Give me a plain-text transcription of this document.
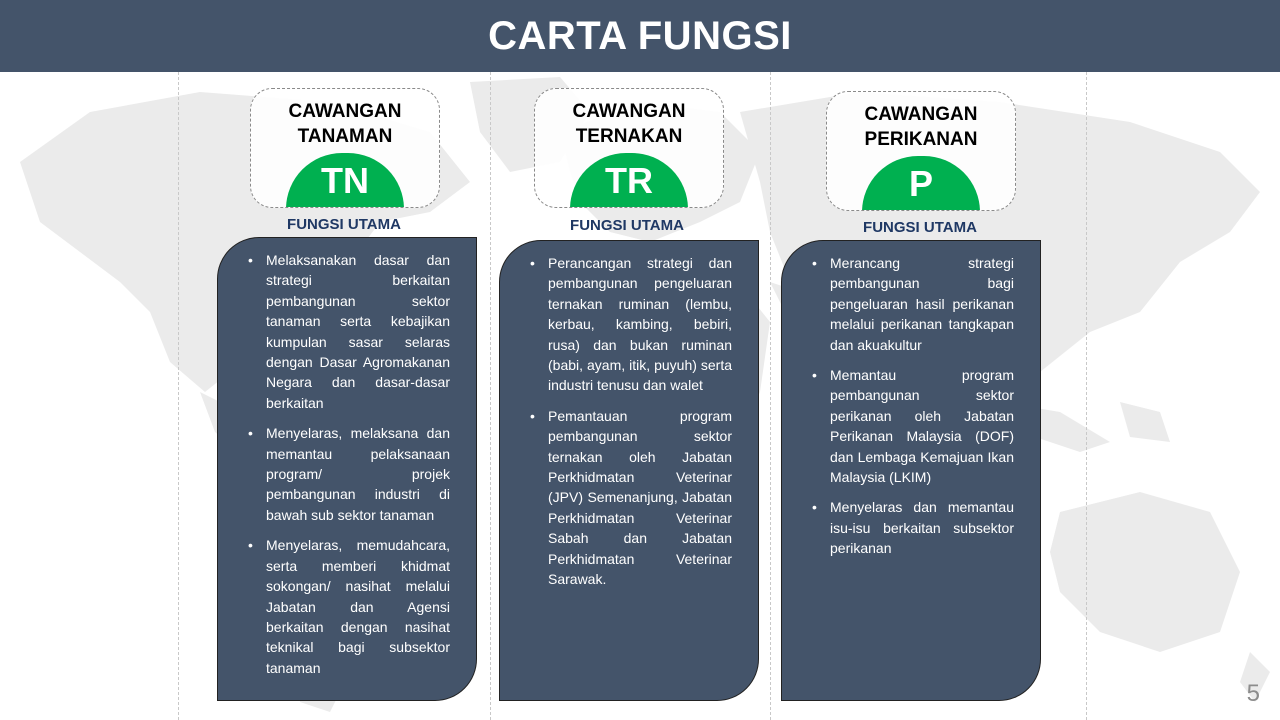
CARTA FUNGSI
CAWANGAN
TANAMAN
TN
FUNGSI UTAMA
• Melaksanakan dasar dan strategi berkaitan pembangunan sektor tanaman serta kebajikan kumpulan sasar selaras dengan Dasar Agromakanan Negara dan dasar-dasar berkaitan
• Menyelaras, melaksana dan memantau pelaksanaan program/ projek pembangunan industri di bawah sub sektor tanaman
• Menyelaras, memudahcara, serta memberi khidmat sokongan/ nasihat melalui Jabatan dan Agensi berkaitan dengan nasihat teknikal bagi subsektor tanaman
CAWANGAN
TERNAKAN
TR
FUNGSI UTAMA
• Perancangan strategi dan pembangunan pengeluaran ternakan ruminan (lembu, kerbau, kambing, bebiri, rusa) dan bukan ruminan (babi, ayam, itik, puyuh) serta industri tenusu dan walet
• Pemantauan program pembangunan sektor ternakan oleh Jabatan Perkhidmatan Veterinar (JPV) Semenanjung, Jabatan Perkhidmatan Veterinar Sabah dan Jabatan Perkhidmatan Veterinar Sarawak.
CAWANGAN
PERIKANAN
P
FUNGSI UTAMA
• Merancang strategi pembangunan bagi pengeluaran hasil perikanan melalui perikanan tangkapan dan akuakultur
• Memantau program pembangunan sektor perikanan oleh Jabatan Perikanan Malaysia (DOF) dan Lembaga Kemajuan Ikan Malaysia (LKIM)
• Menyelaras dan memantau isu-isu berkaitan subsektor perikanan
5
